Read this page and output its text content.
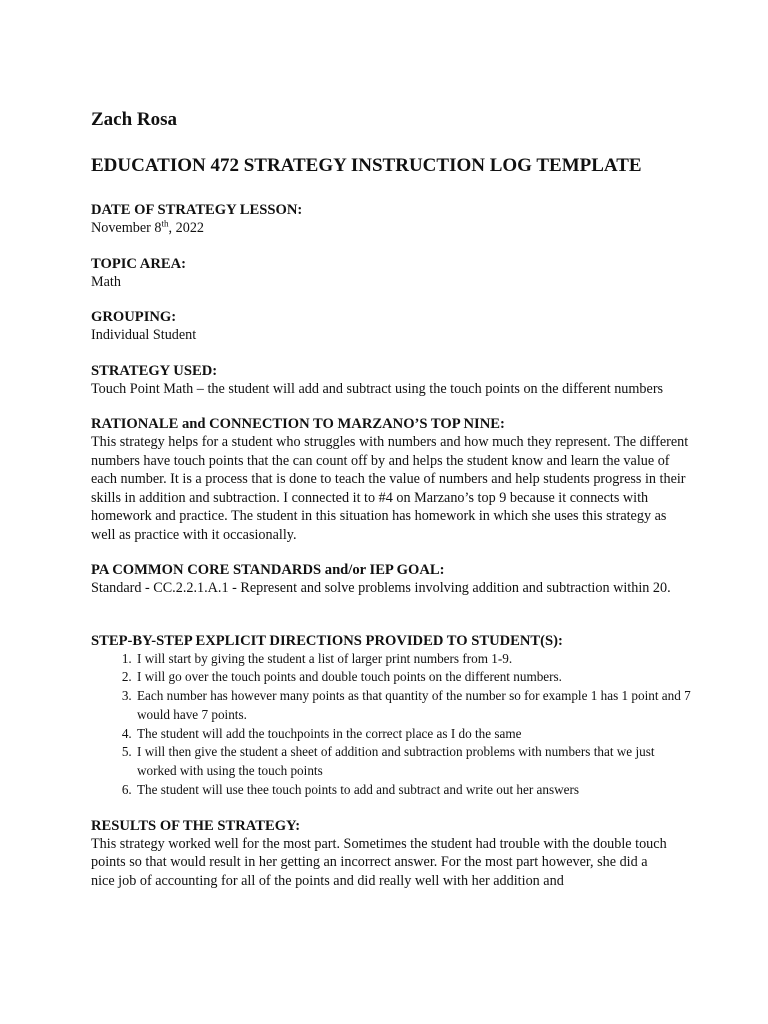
Zach Rosa
EDUCATION 472 STRATEGY INSTRUCTION LOG TEMPLATE
DATE OF STRATEGY LESSON:
November 8th, 2022
TOPIC AREA:
Math
GROUPING:
Individual Student
STRATEGY USED:
Touch Point Math – the student will add and subtract using the touch points on the different numbers
RATIONALE and CONNECTION TO MARZANO’S TOP NINE:
This strategy helps for a student who struggles with numbers and how much they represent. The different numbers have touch points that the can count off by and helps the student know and learn the value of each number. It is a process that is done to teach the value of numbers and help students progress in their skills in addition and subtraction. I connected it to #4 on Marzano’s top 9 because it connects with homework and practice. The student in this situation has homework in which she uses this strategy as well as practice with it occasionally.
PA COMMON CORE STANDARDS and/or IEP GOAL:
Standard - CC.2.2.1.A.1 - Represent and solve problems involving addition and subtraction within 20.
STEP-BY-STEP EXPLICIT DIRECTIONS PROVIDED TO STUDENT(S):
1. I will start by giving the student a list of larger print numbers from 1-9.
2. I will go over the touch points and double touch points on the different numbers.
3. Each number has however many points as that quantity of the number so for example 1 has 1 point and 7 would have 7 points.
4. The student will add the touchpoints in the correct place as I do the same
5. I will then give the student a sheet of addition and subtraction problems with numbers that we just worked with using the touch points
6. The student will use thee touch points to add and subtract and write out her answers
RESULTS OF THE STRATEGY:
This strategy worked well for the most part. Sometimes the student had trouble with the double touch points so that would result in her getting an incorrect answer. For the most part however, she did a nice job of accounting for all of the points and did really well with her addition and
